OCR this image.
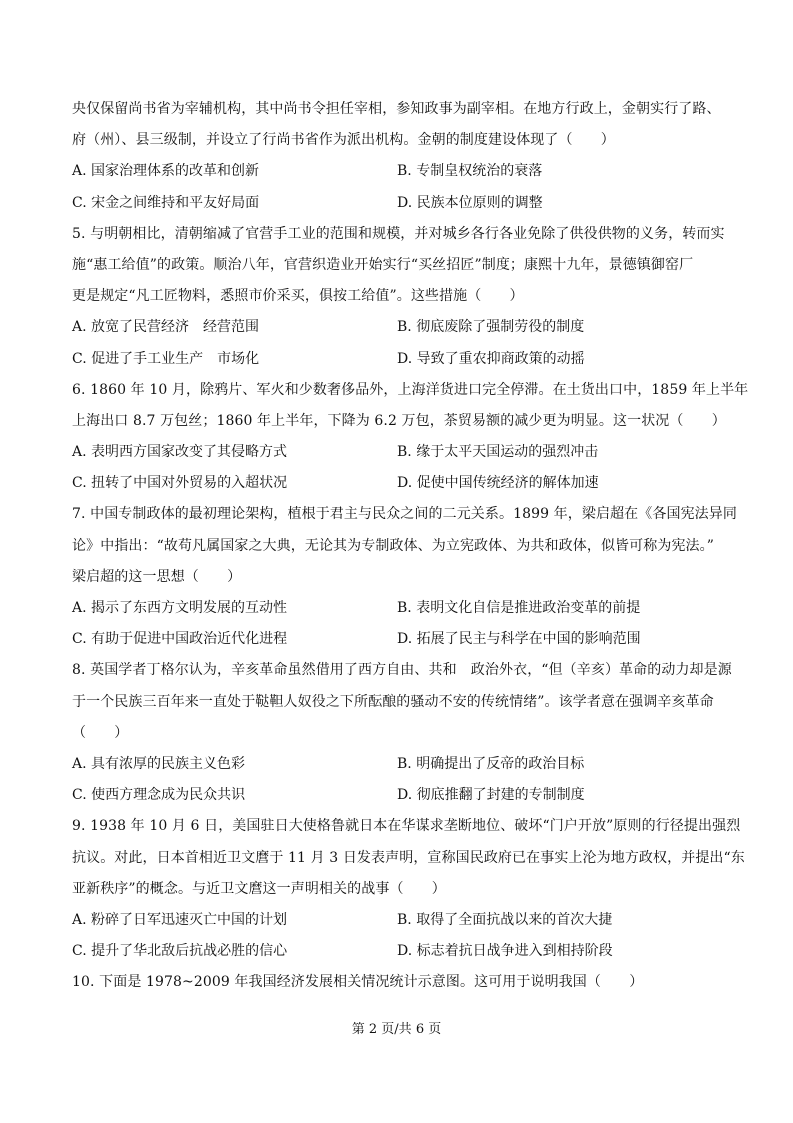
央仅保留尚书省为宰辅机构，其中尚书令担任宰相，参知政事为副宰相。在地方行政上，金朝实行了路、
府（州）、县三级制，并设立了行尚书省作为派出机构。金朝的制度建设体现了（　　）
A. 国家治理体系的改革和创新	B. 专制皇权统治的衰落
C. 宋金之间维持和平友好局面	D. 民族本位原则的调整
5. 与明朝相比，清朝缩减了官营手工业的范围和规模，并对城乡各行各业免除了供役供物的义务，转而实
施“惠工给值”的政策。顺治八年，官营织造业开始实行“买丝招匠”制度；康熙十九年，景德镇御窑厂
更是规定“凡工匠物料，悉照市价采买，俱按工给值”。这些措施（　　）
A. 放宽了民营经济　经营范围	B. 彻底废除了强制劳役的制度
C. 促进了手工业生产　市场化	D. 导致了重农抑商政策的动摇
6. 1860 年 10 月，除鸦片、军火和少数奢侈品外，上海洋货进口完全停滞。在土货出口中，1859 年上半年
上海出口 8.7 万包丝；1860 年上半年，下降为 6.2 万包，茶贸易额的减少更为明显。这一状况（　　）
A. 表明西方国家改变了其侵略方式	B. 缘于太平天国运动的强烈冲击
C. 扭转了中国对外贸易的入超状况	D. 促使中国传统经济的解体加速
7. 中国专制政体的最初理论架构，植根于君主与民众之间的二元关系。1899 年，梁启超在《各国宪法异同
论》中指出：“故苟凡属国家之大典，无论其为专制政体、为立宪政体、为共和政体，似皆可称为宪法。”
梁启超的这一思想（　　）
A. 揭示了东西方文明发展的互动性	B. 表明文化自信是推进政治变革的前提
C. 有助于促进中国政治近代化进程	D. 拓展了民主与科学在中国的影响范围
8. 英国学者丁格尔认为，辛亥革命虽然借用了西方自由、共和　政治外衣，“但（辛亥）革命的动力却是源
于一个民族三百年来一直处于鞑靼人奴役之下所酝酿的骚动不安的传统情绪”。该学者意在强调辛亥革命
（　　）
A. 具有浓厚的民族主义色彩	B. 明确提出了反帝的政治目标
C. 使西方理念成为民众共识	D. 彻底推翻了封建的专制制度
9. 1938 年 10 月 6 日，美国驻日大使格鲁就日本在华谋求垄断地位、破坏“门户开放”原则的行径提出强烈
抗议。对此，日本首相近卫文麿于 11 月 3 日发表声明，宣称国民政府已在事实上沦为地方政权，并提出“东
亚新秩序”的概念。与近卫文麿这一声明相关的战事（　　）
A. 粉碎了日军迅速灭亡中国的计划	B. 取得了全面抗战以来的首次大捷
C. 提升了华北敌后抗战必胜的信心	D. 标志着抗日战争进入到相持阶段
10. 下面是 1978~2009 年我国经济发展相关情况统计示意图。这可用于说明我国（　　）
第 2 页/共 6 页
